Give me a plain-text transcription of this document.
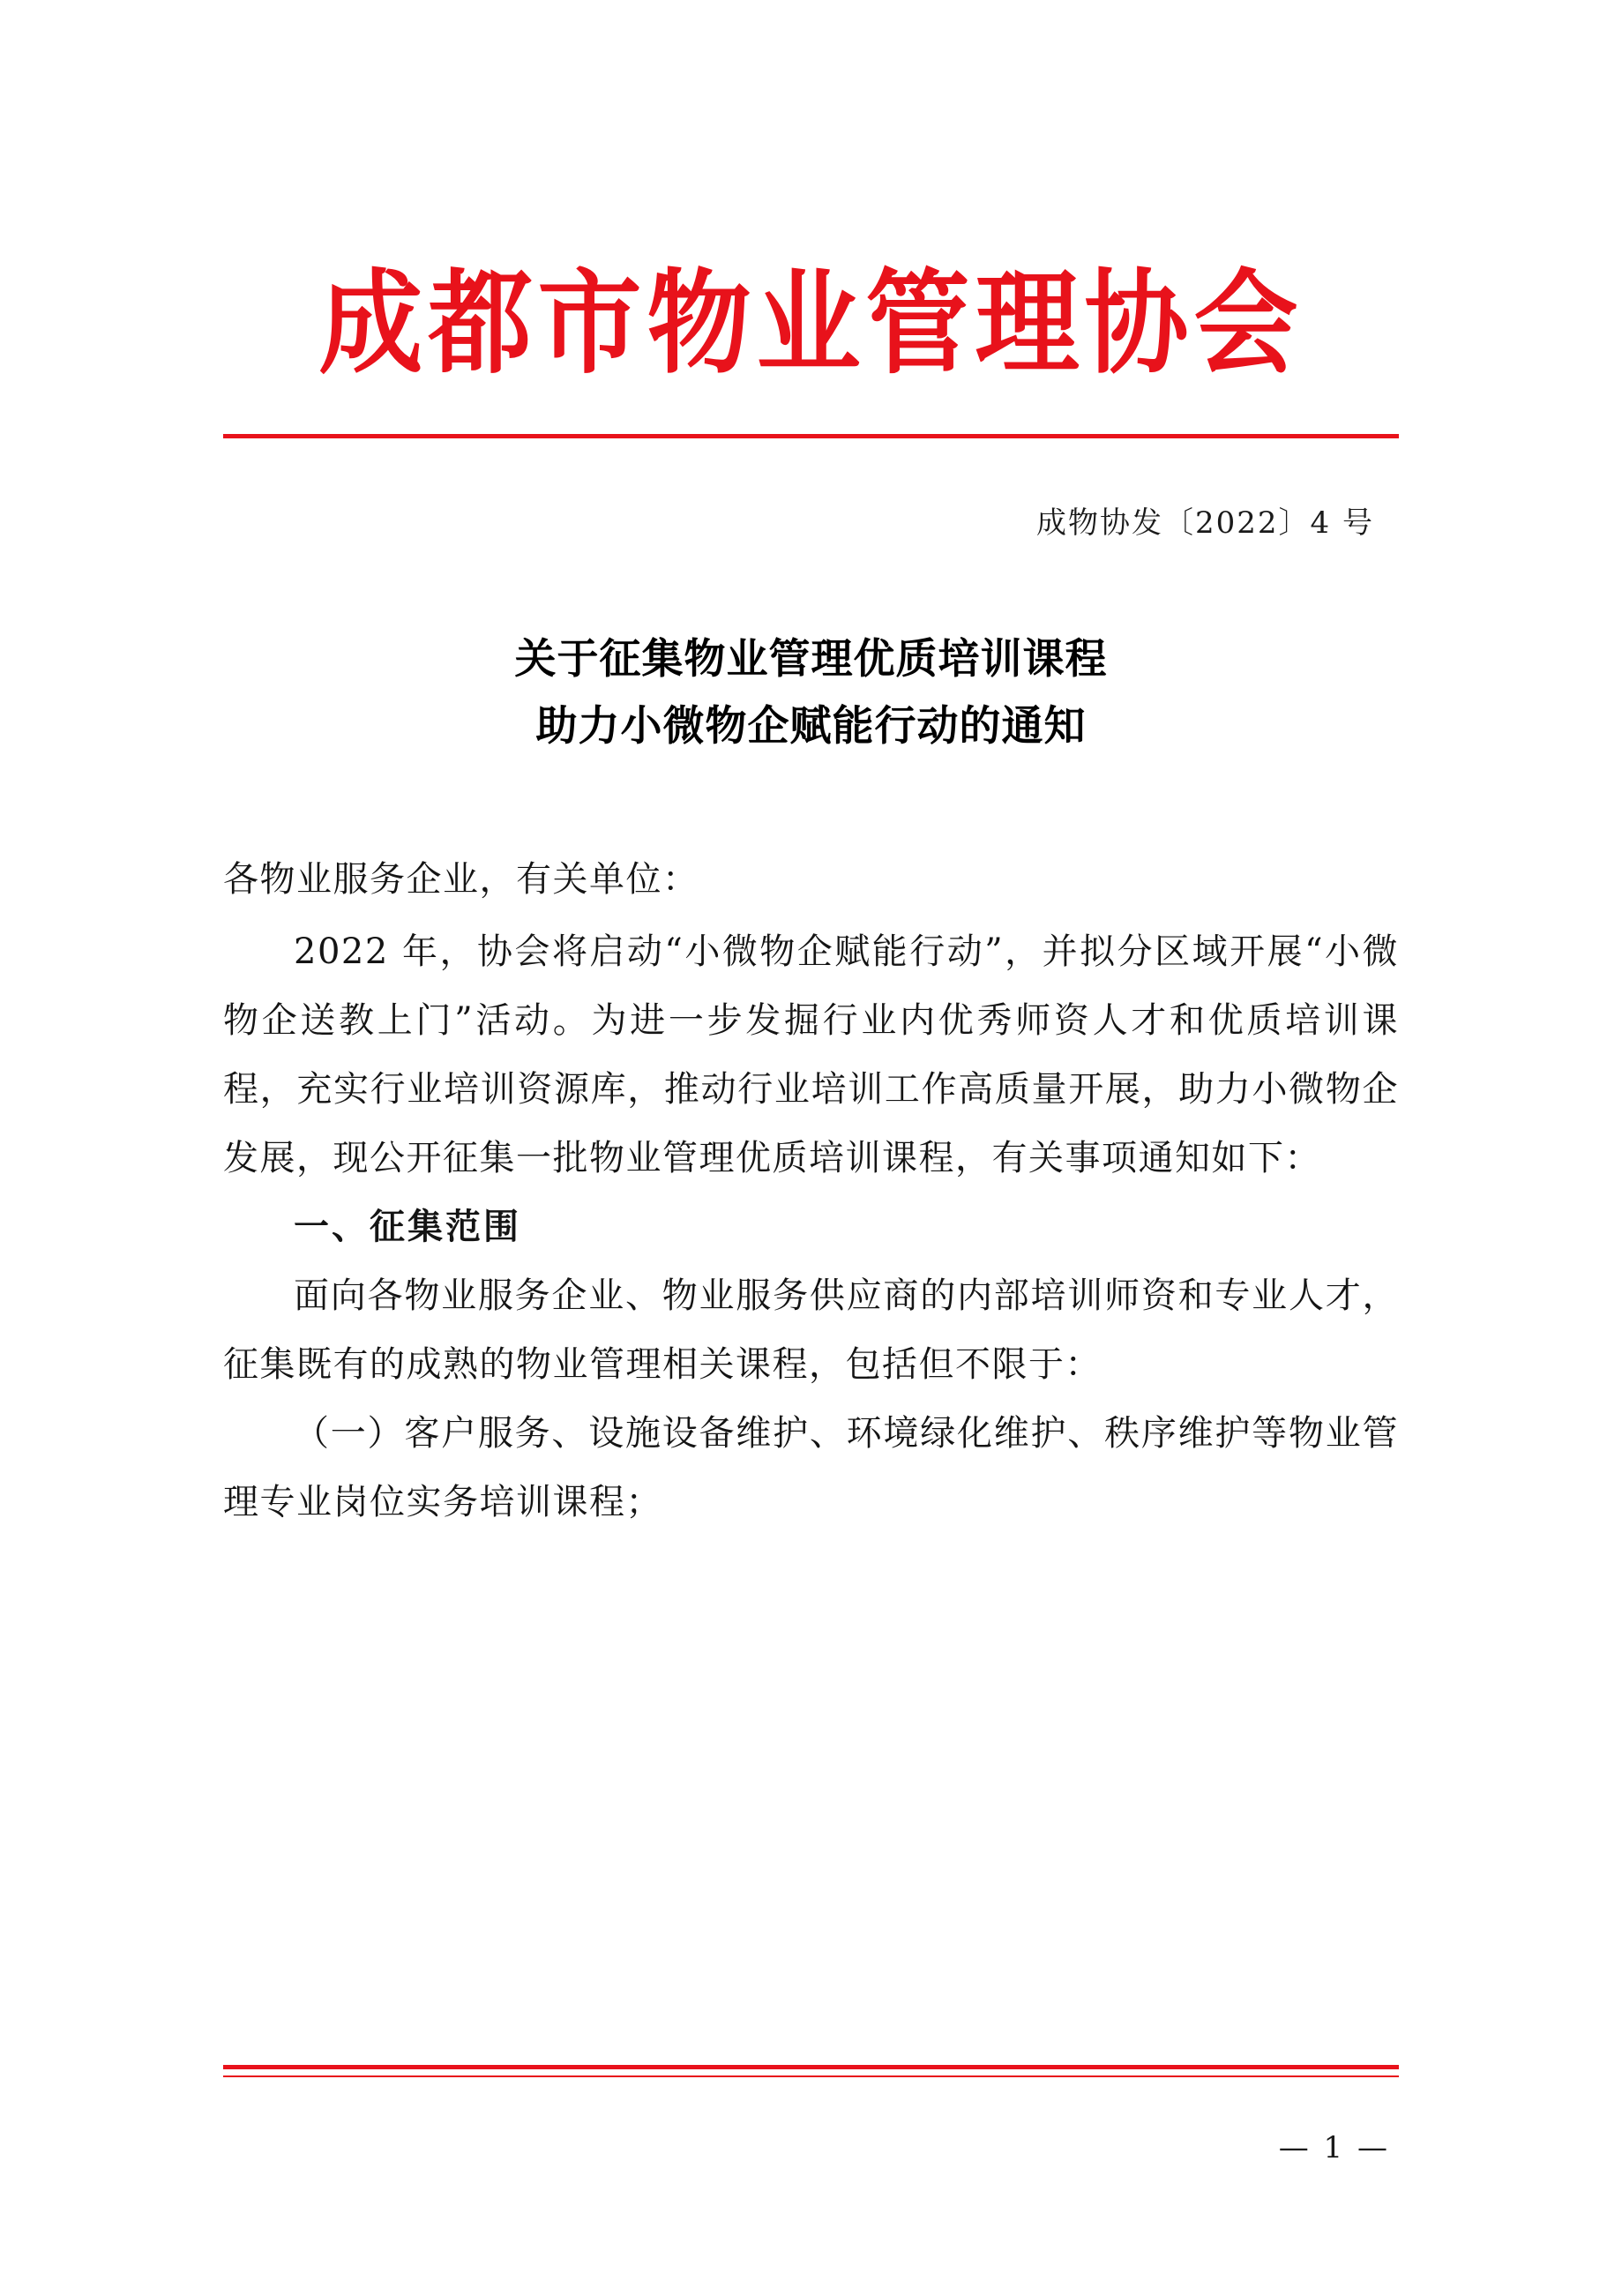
成都市物业管理协会
成物协发〔2022〕4 号
关于征集物业管理优质培训课程
助力小微物企赋能行动的通知

各物业服务企业，有关单位：

2022 年，协会将启动“小微物企赋能行动”，并拟分区域开展“小微物企送教上门”活动。为进一步发掘行业内优秀师资人才和优质培训课程，充实行业培训资源库，推动行业培训工作高质量开展，助力小微物企发展，现公开征集一批物业管理优质培训课程，有关事项通知如下：

一、征集范围

面向各物业服务企业、物业服务供应商的内部培训师资和专业人才，征集既有的成熟的物业管理相关课程，包括但不限于：

（一）客户服务、设施设备维护、环境绿化维护、秩序维护等物业管理专业岗位实务培训课程；

— 1 —
